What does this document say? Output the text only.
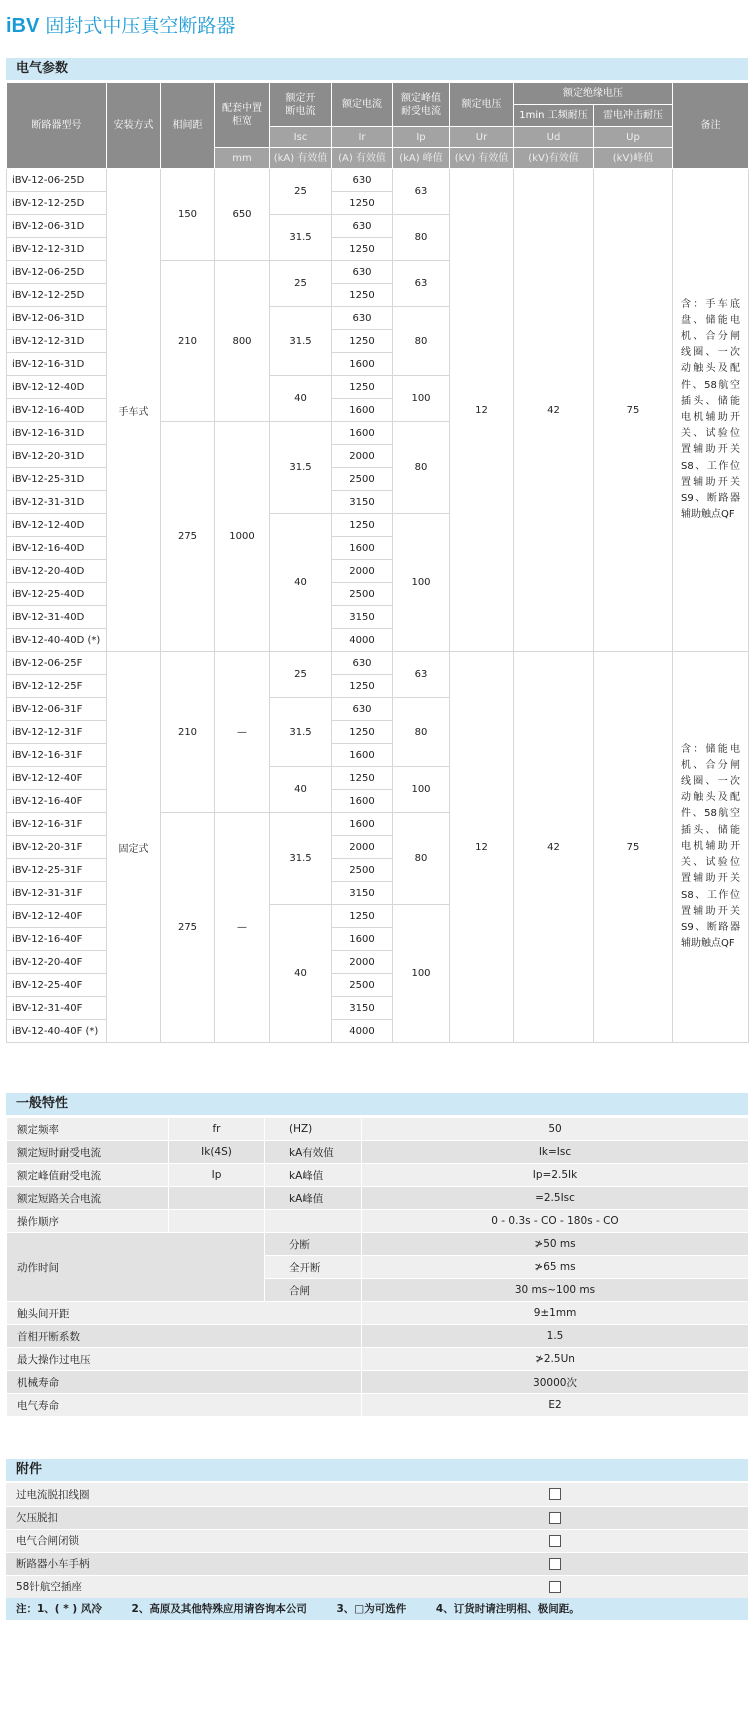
iBV 固封式中压真空断路器
电气参数
断路器型号	安装方式	相间距	配套中置柜宽	额定开断电流	额定电流	额定峰值耐受电流	额定电压	额定绝缘电压		备注
								1min 工频耐压	雷电冲击耐压	
				Isc	Ir	Ip	Ur	Ud	Up	
			mm	(kA) 有效值	(A) 有效值	(kA) 峰值	(kV) 有效值	(kV)有效值	(kV)峰值	
iBV-12-06-25D	手车式	150	650	25	630	63	12	42	75	含：手车底盘、储能电机、合分闸线圈、一次动触头及配件、58航空插头、储能电机辅助开关、试验位置辅助开关S8、工作位置辅助开关S9、断路器辅助触点QF
iBV-12-12-25D					1250					
iBV-12-06-31D				31.5	630	80				
iBV-12-12-31D					1250					
iBV-12-06-25D		210	800	25	630	63				
iBV-12-12-25D					1250					
iBV-12-06-31D				31.5	630	80				
iBV-12-12-31D					1250					
iBV-12-16-31D					1600					
iBV-12-12-40D				40	1250	100				
iBV-12-16-40D					1600					
iBV-12-16-31D		275	1000	31.5	1600	80				
iBV-12-20-31D					2000					
iBV-12-25-31D					2500					
iBV-12-31-31D					3150					
iBV-12-12-40D				40	1250	100				
iBV-12-16-40D					1600					
iBV-12-20-40D					2000					
iBV-12-25-40D					2500					
iBV-12-31-40D					3150					
iBV-12-40-40D (*)					4000					
iBV-12-06-25F	固定式	210	—	25	630	63	12	42	75	含：储能电机、合分闸线圈、一次动触头及配件、58航空插头、储能电机辅助开关、试验位置辅助开关S8、工作位置辅助开关S9、断路器辅助触点QF
iBV-12-12-25F					1250					
iBV-12-06-31F				31.5	630	80				
iBV-12-12-31F					1250					
iBV-12-16-31F					1600					
iBV-12-12-40F				40	1250	100				
iBV-12-16-40F					1600					
iBV-12-16-31F		275	—	31.5	1600	80				
iBV-12-20-31F					2000					
iBV-12-25-31F					2500					
iBV-12-31-31F					3150					
iBV-12-12-40F				40	1250	100				
iBV-12-16-40F					1600					
iBV-12-20-40F					2000					
iBV-12-25-40F					2500					
iBV-12-31-40F					3150					
iBV-12-40-40F (*)					4000					
一般特性
额定频率	fr	(HZ)	50
额定短时耐受电流	Ik(4S)	kA有效值	Ik=Isc
额定峰值耐受电流	Ip	kA峰值	Ip=2.5Ik
额定短路关合电流		kA峰值	=2.5Isc
操作顺序			0 - 0.3s - CO - 180s - CO
动作时间		分断	≯50 ms
		全开断	≯65 ms
		合闸	30 ms~100 ms
触头间开距			9±1mm
首相开断系数			1.5
最大操作过电压			≯2.5Un
机械寿命			30000次
电气寿命			E2
附件
过电流脱扣线圈	
欠压脱扣	
电气合闸闭锁	
断路器小车手柄	
58针航空插座	
注：1、( * ) 风冷	2、高原及其他特殊应用请咨询本公司	3、□为可选件	4、订货时请注明相、极间距。
